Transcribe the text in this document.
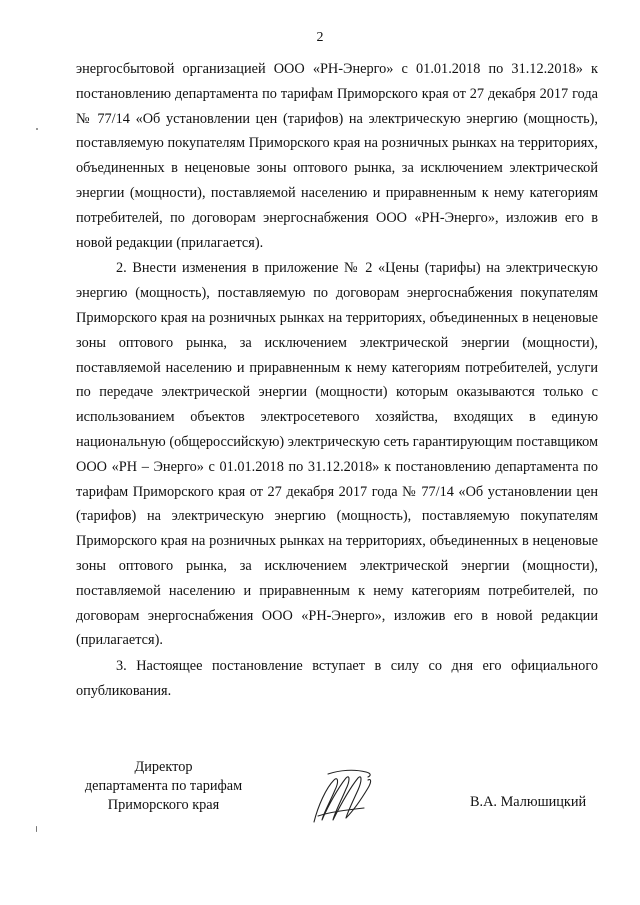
2

энергосбытовой организацией ООО «РН-Энерго» с 01.01.2018 по 31.12.2018» к постановлению департамента по тарифам Приморского края от 27 декабря 2017 года № 77/14 «Об установлении цен (тарифов) на электрическую энергию (мощность), поставляемую покупателям Приморского края на розничных рынках на территориях, объединенных в неценовые зоны оптового рынка, за исключением электрической энергии (мощности), поставляемой населению и приравненным к нему категориям потребителей, по договорам энергоснабжения ООО «РН-Энерго», изложив его в новой редакции (прилагается).

2. Внести изменения в приложение № 2 «Цены (тарифы) на электрическую энергию (мощность), поставляемую по договорам энергоснабжения покупателям Приморского края на розничных рынках на территориях, объединенных в неценовые зоны оптового рынка, за исключением электрической энергии (мощности), поставляемой населению и приравненным к нему категориям потребителей, услуги по передаче электрической энергии (мощности) которым оказываются только с использованием объектов электросетевого хозяйства, входящих в единую национальную (общероссийскую) электрическую сеть гарантирующим поставщиком ООО «РН – Энерго» с 01.01.2018 по 31.12.2018» к постановлению департамента по тарифам Приморского края от 27 декабря 2017 года № 77/14 «Об установлении цен (тарифов) на электрическую энергию (мощность), поставляемую покупателям Приморского края на розничных рынках на территориях, объединенных в неценовые зоны оптового рынка, за исключением электрической энергии (мощности), поставляемой населению и приравненным к нему категориям потребителей, по договорам энергоснабжения ООО «РН-Энерго», изложив его в новой редакции (прилагается).

3. Настоящее постановление вступает в силу со дня его официального опубликования.

Директор
департамента по тарифам
Приморского края	В.А. Малюшицкий
